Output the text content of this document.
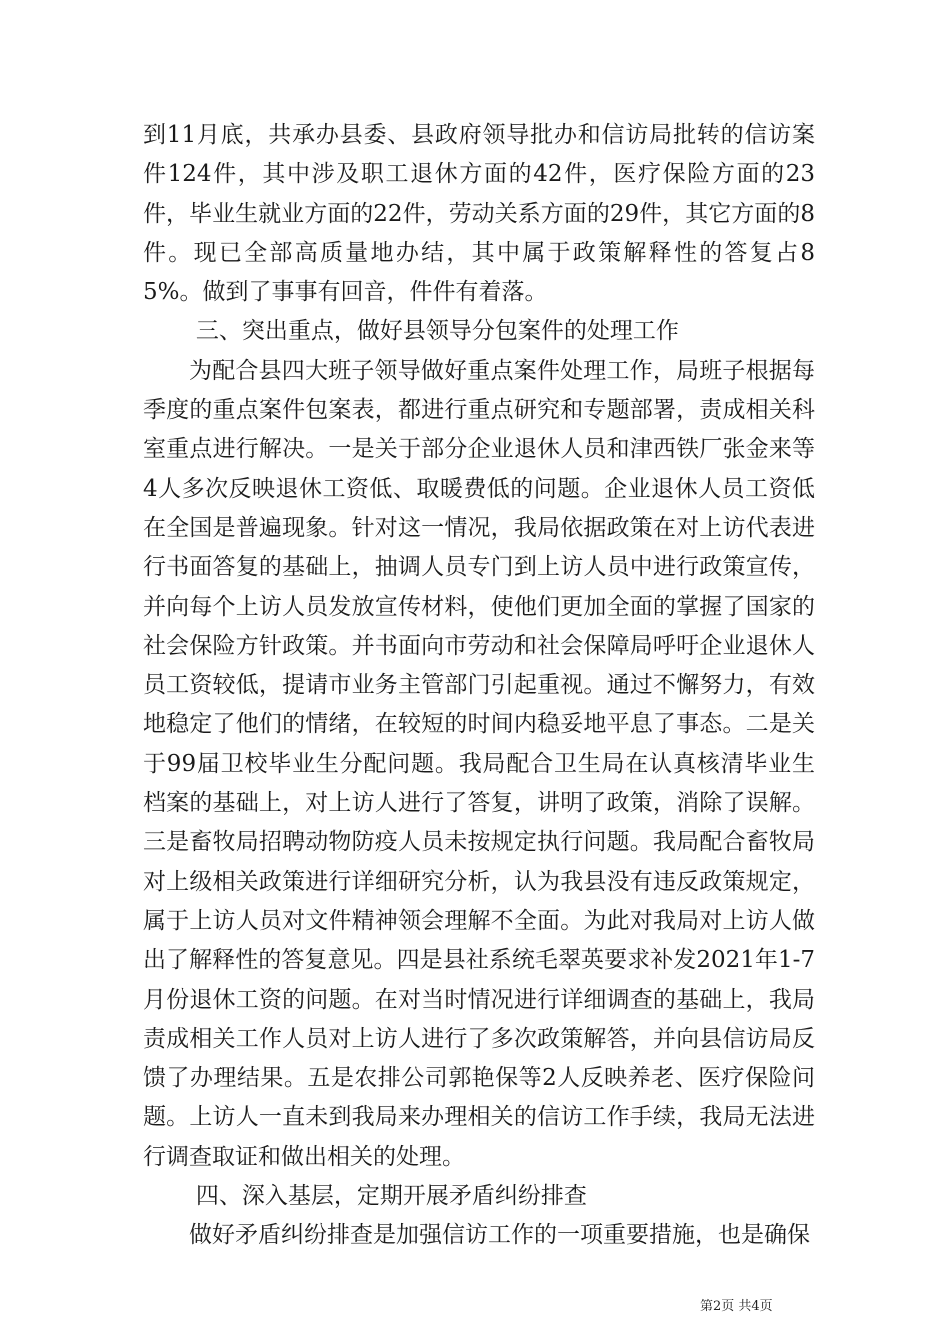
到11月底，共承办县委、县政府领导批办和信访局批转的信访案件124件，其中涉及职工退休方面的42件，医疗保险方面的23件，毕业生就业方面的22件，劳动关系方面的29件，其它方面的8件。现已全部高质量地办结，其中属于政策解释性的答复占85%。做到了事事有回音，件件有着落。

三、突出重点，做好县领导分包案件的处理工作

为配合县四大班子领导做好重点案件处理工作，局班子根据每季度的重点案件包案表，都进行重点研究和专题部署，责成相关科室重点进行解决。一是关于部分企业退休人员和津西铁厂张金来等4人多次反映退休工资低、取暖费低的问题。企业退休人员工资低在全国是普遍现象。针对这一情况，我局依据政策在对上访代表进行书面答复的基础上，抽调人员专门到上访人员中进行政策宣传，并向每个上访人员发放宣传材料，使他们更加全面的掌握了国家的社会保险方针政策。并书面向市劳动和社会保障局呼吁企业退休人员工资较低，提请市业务主管部门引起重视。通过不懈努力，有效地稳定了他们的情绪，在较短的时间内稳妥地平息了事态。二是关于99届卫校毕业生分配问题。我局配合卫生局在认真核清毕业生档案的基础上，对上访人进行了答复，讲明了政策，消除了误解。三是畜牧局招聘动物防疫人员未按规定执行问题。我局配合畜牧局对上级相关政策进行详细研究分析，认为我县没有违反政策规定，属于上访人员对文件精神领会理解不全面。为此对我局对上访人做出了解释性的答复意见。四是县社系统毛翠英要求补发2021年1-7月份退休工资的问题。在对当时情况进行详细调查的基础上，我局责成相关工作人员对上访人进行了多次政策解答，并向县信访局反馈了办理结果。五是农排公司郭艳保等2人反映养老、医疗保险问题。上访人一直未到我局来办理相关的信访工作手续，我局无法进行调查取证和做出相关的处理。

四、深入基层，定期开展矛盾纠纷排查

做好矛盾纠纷排查是加强信访工作的一项重要措施，也是确保

第2页 共4页
